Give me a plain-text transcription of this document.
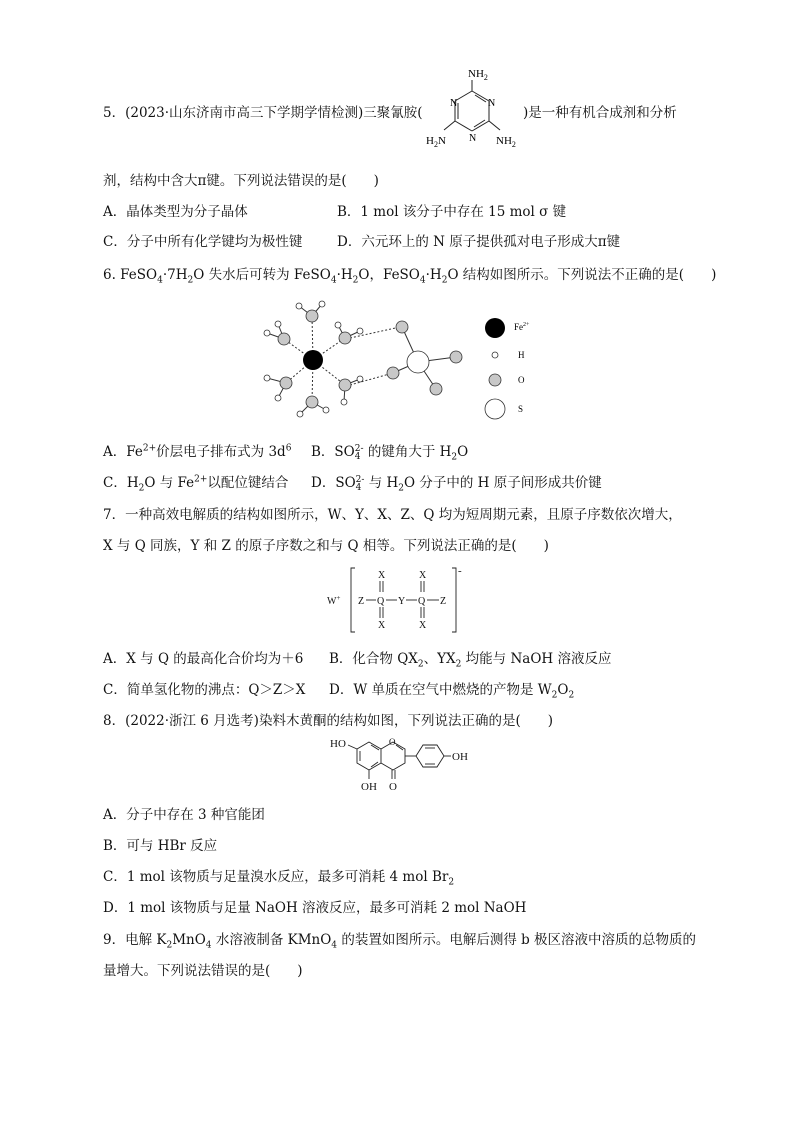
5．(2023·山东济南市高三下学期学情检测)三聚氰胺(	)是一种有机合成剂和分析
$NH_2$
N
N
N
$H_2N$	$NH_2$
剂，结构中含大π键。下列说法错误的是(　　)
A．晶体类型为分子晶体	B．1 mol 该分子中存在 15 mol σ 键
C．分子中所有化学键均为极性键	D．六元环上的 N 原子提供孤对电子形成大π键
6. $FeSO_4\cdot 7H_2O$ 失水后可转为 $FeSO_4\cdot H_2O$，$FeSO_4\cdot H_2O$ 结构如图所示。下列说法不正确的是(　　)
$Fe^{2+}$
H
O
S
A．$Fe^{2+}$价层电子排布式为 $3d^6$ B．SO 2-
4 的键角大于 $H_2O$
C．$H_2O$ 与 $Fe^{2+}$以配位键结合 D．SO 2-
4 与 $H_2O$ 分子中的 H 原子间形成共价键
7．一种高效电解质的结构如图所示，W、Y、X、Z、Q 均为短周期元素，且原子序数依次增大，
X 与 Q 同族，Y 和 Z 的原子序数之和与 Q 相等。下列说法正确的是(　　)
W+
X	X
Z Q Y Q Z
X	X
-
A．X 与 Q 的最高化合价均为＋6 B．化合物 $QX_2$、$YX_2$ 均能与 NaOH 溶液反应
C．简单氢化物的沸点：Q＞Z＞X D．W 单质在空气中燃烧的产物是 $W_2O_2$
8．(2022·浙江 6 月选考)染料木黄酮的结构如图，下列说法正确的是(　　)
HO	O
OH O
OH
A．分子中存在 3 种官能团
B．可与 HBr 反应
C．1 mol 该物质与足量溴水反应，最多可消耗 4 mol $Br_2$
D．1 mol 该物质与足量 NaOH 溶液反应，最多可消耗 2 mol NaOH
9．电解 $K_2MnO_4$ 水溶液制备 KMnO$_4$ 的装置如图所示。电解后测得 b 极区溶液中溶质的总物质的
量增大。下列说法错误的是(　　)
